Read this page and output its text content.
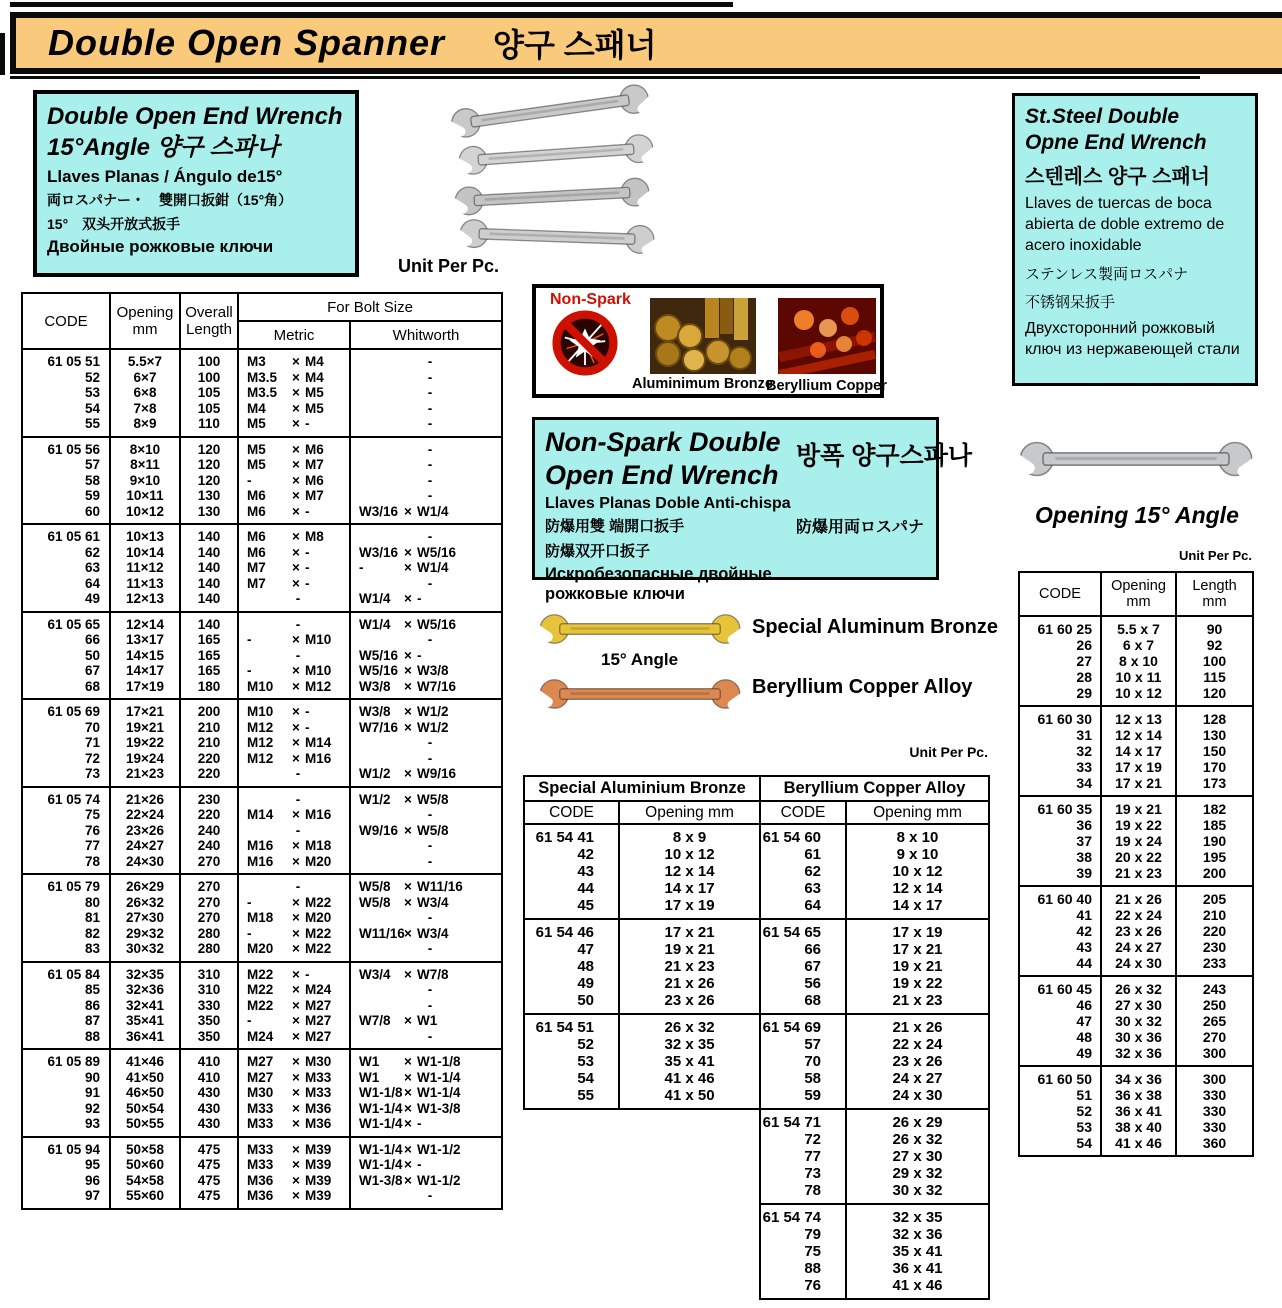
Double Open Spanner 양구 스패너
Double Open End Wrench
15°Angle 양구 스파나
Llaves Planas / Ángulo de15°
両ロスパナー・　雙開口扳鉗（15°角）
15°　双头开放式扳手
Двойные рожковые ключи
Unit Per Pc.
CODE	Opening
mm

Overall
Length
	For Bolt Size
			Metric	Whitworth
61 05 51	5.5×7	100	M3 × M4	-
52	6×7	100	M3.5 × M4	-
53	6×8	105	M3.5 × M5	-
54	7×8	105	M4 × M5	-
55	8×9	110	M5 × -	-
61 05 56	8×10	120	M5 × M6	-
57	8×11	120	M5 × M7	-
58	9×10	120	- × M6	-
59	10×11	130	M6 × M7	-
60	10×12	130	M6 × -	W3/16 × W1/4
61 05 61	10×13	140	M6 × M8	-
62	10×14	140	M6 × -	W3/16 × W5/16
63	11×12	140	M7 × -	- × W1/4
64	11×13	140	M7 × -	-
49	12×13	140	-	W1/4 × -
61 05 65	12×14	140	-	W1/4 × W5/16
66	13×17	165	- × M10	-
50	14×15	165	-	W5/16 × -
67	14×17	165	- × M10	W5/16 × W3/8
68	17×19	180	M10 × M12	W3/8 × W7/16
61 05 69	17×21	200	M10 × -	W3/8 × W1/2
70	19×21	210	M12 × -	W7/16 × W1/2
71	19×22	210	M12 × M14	-
72	19×24	220	M12 × M16	-
73	21×23	220	-	W1/2 × W9/16
61 05 74	21×26	230	-	W1/2 × W5/8
75	22×24	220	M14 × M16	-
76	23×26	240	-	W9/16 × W5/8
77	24×27	240	M16 × M18	-
78	24×30	270	M16 × M20	-
61 05 79	26×29	270	-	W5/8 × W11/16
80	26×32	270	- × M22	W5/8 × W3/4
81	27×30	270	M18 × M20	-
82	29×32	280	- × M22	W11/16× W3/4
83	30×32	280	M20 × M22	-
61 05 84	32×35	310	M22 × -	W3/4 × W7/8
85	32×36	310	M22 × M24	-
86	32×41	330	M22 × M27	-
87	35×41	350	- × M27	W7/8 × W1
88	36×41	350	M24 × M27	-
61 05 89	41×46	410	M27 × M30	W1 × W1-1/8
90	41×50	410	M27 × M33	W1 × W1-1/4
91	46×50	430	M30 × M33	W1-1/8 × W1-1/4
92	50×54	430	M33 × M36	W1-1/4 × W1-3/8
93	50×55	430	M33 × M36	W1-1/4 × -
61 05 94	50×58	475	M33 × M39	W1-1/4 × W1-1/2
95	50×60	475	M33 × M39	W1-1/4 × -
96	54×58	475	M36 × M39	W1-3/8 × W1-1/2
97	55×60	475	M36 × M39	-
Non-Spark
Aluminimum Bronze
Beryllium Copper
Non-Spark Double
Open End Wrench
Llaves Planas Doble Anti-chispa
防爆用雙 端開口扳手
防爆双开口扳子
Искробезопасные двойные рожковые ключи
방폭 양구스파나
防爆用両ロスパナ
Special Aluminum Bronze
15° Angle
Beryllium Copper Alloy
Unit Per Pc.
Special Aluminium Bronze	
CODE	Opening mm
61 54 41	8 x 9
42	10 x 12
43	12 x 14
44	14 x 17
45	17 x 19
61 54 46	17 x 21
47	19 x 21
48	21 x 23
49	21 x 26
50	23 x 26
61 54 51	26 x 32
52	32 x 35
53	35 x 41
54	41 x 46
55	41 x 50
Beryllium Copper Alloy	
CODE	Opening mm
61 54 60	8 x 10
61	9 x 10
62	10 x 12
63	12 x 14
64	14 x 17
61 54 65	17 x 19
66	17 x 21
67	19 x 21
56	19 x 22
68	21 x 23
61 54 69	21 x 26
57	22 x 24
70	23 x 26
58	24 x 27
59	24 x 30
61 54 71	26 x 29
72	26 x 32
77	27 x 30
73	29 x 32
78	30 x 32
61 54 74	32 x 35
79	32 x 36
75	35 x 41
88	36 x 41
76	41 x 46
St.Steel Double
Opne End Wrench
스텐레스 양구 스패너
Llaves de tuercas de boca abierta de doble extremo de acero inoxidable
ステンレス製両ロスパナ
不锈钢呆扳手
Двухсторонний рожковый ключ из нержавеющей стали
Opening 15° Angle
Unit Per Pc.
CODE	Opening
mm

Length
mm

61 60 25	5.5 x 7	90
26	6 x 7	92
27	8 x 10	100
28	10 x 11	115
29	10 x 12	120
61 60 30	12 x 13	128
31	12 x 14	130
32	14 x 17	150
33	17 x 19	170
34	17 x 21	173
61 60 35	19 x 21	182
36	19 x 22	185
37	19 x 24	190
38	20 x 22	195
39	21 x 23	200
61 60 40	21 x 26	205
41	22 x 24	210
42	23 x 26	220
43	24 x 27	230
44	24 x 30	233
61 60 45	26 x 32	243
46	27 x 30	250
47	30 x 32	265
48	30 x 36	270
49	32 x 36	300
61 60 50	34 x 36	300
51	36 x 38	330
52	36 x 41	330
53	38 x 40	330
54	41 x 46	360
